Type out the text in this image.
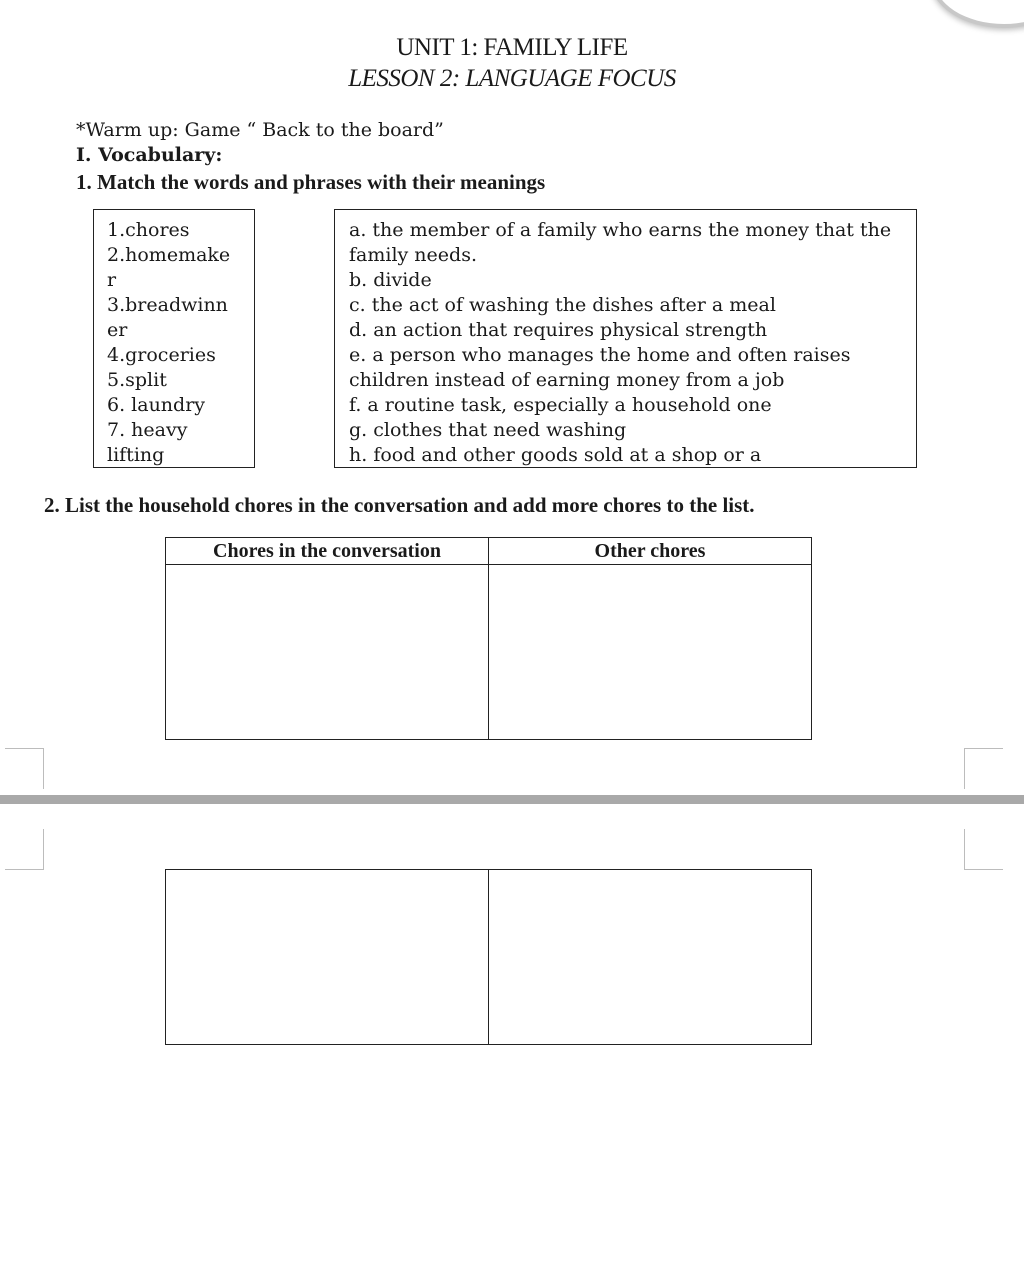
UNIT 1: FAMILY LIFE
LESSON 2: LANGUAGE FOCUS
*Warm up: Game “ Back to the board”
I. Vocabulary:
1. Match the words and phrases with their meanings
1.chores
2.homemake
r
3.breadwinn
er
4.groceries
5.split
6. laundry
7. heavy
lifting
a. the member of a family who earns the money that the family needs.
b. divide
c. the act of washing the dishes after a meal
d. an action that requires physical strength
e. a person who manages the home and often raises children instead of earning money from a job
f. a routine task, especially a household one
g. clothes that need washing
h. food and other goods sold at a shop or a
2. List the household chores in the conversation and add more chores to the list.
Chores in the conversation	Other chores
